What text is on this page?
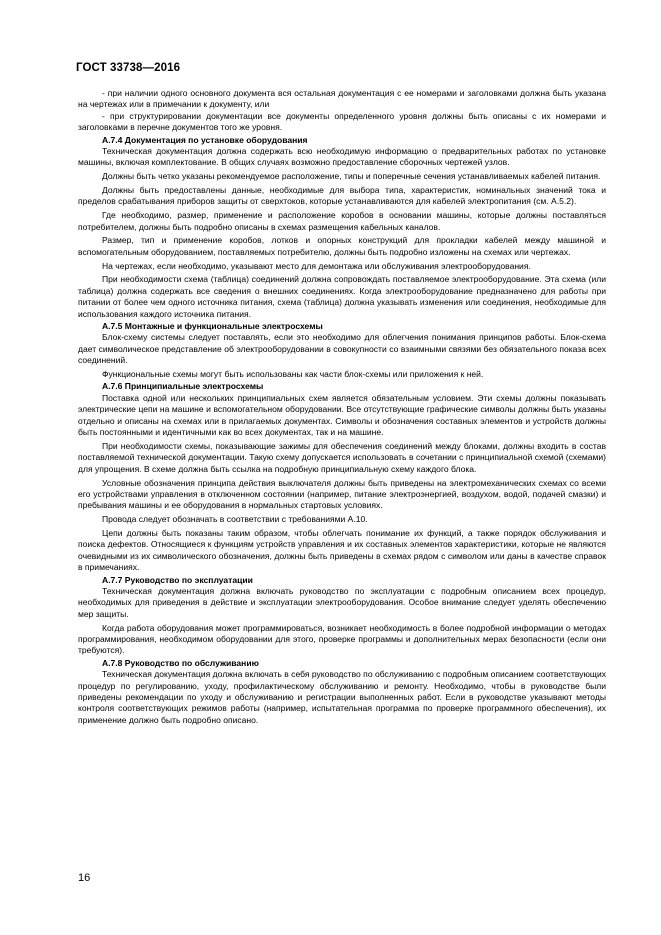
ГОСТ 33738—2016

- при наличии одного основного документа вся остальная документация с ее номерами и заголовками должна быть указана на чертежах или в примечании к документу, или

- при структурировании документации все документы определенного уровня должны быть описаны с их номерами и заголовками в перечне документов того же уровня.

А.7.4 Документация по установке оборудования

Техническая документация должна содержать всю необходимую информацию о предварительных работах по установке машины, включая комплектование. В общих случаях возможно предоставление сборочных чертежей узлов.

Должны быть четко указаны рекомендуемое расположение, типы и поперечные сечения устанавливаемых кабелей питания.

Должны быть предоставлены данные, необходимые для выбора типа, характеристик, номинальных значений тока и пределов срабатывания приборов защиты от сверхтоков, которые устанавливаются для кабелей электропитания (см. А.5.2).

Где необходимо, размер, применение и расположение коробов в основании машины, которые должны поставляться потребителем, должны быть подробно описаны в схемах размещения кабельных каналов.

Размер, тип и применение коробов, лотков и опорных конструкций для прокладки кабелей между машиной и вспомогательным оборудованием, поставляемых потребителю, должны быть подробно изложены на схемах или чертежах.

На чертежах, если необходимо, указывают место для демонтажа или обслуживания электрооборудования.

При необходимости схема (таблица) соединений должна сопровождать поставляемое электрооборудование. Эта схема (или таблица) должна содержать все сведения о внешних соединениях. Когда электрооборудование предназначено для работы при питании от более чем одного источника питания, схема (таблица) должна указывать изменения или соединения, необходимые для использования каждого источника питания.

А.7.5 Монтажные и функциональные электросхемы

Блок-схему системы следует поставлять, если это необходимо для облегчения понимания принципов работы. Блок-схема дает символическое представление об электрооборудовании в совокупности со взаимными связями без обязательного показа всех соединений.

Функциональные схемы могут быть использованы как части блок-схемы или приложения к ней.

А.7.6 Принципиальные электросхемы

Поставка одной или нескольких принципиальных схем является обязательным условием. Эти схемы должны показывать электрические цепи на машине и вспомогательном оборудовании. Все отсутствующие графические символы должны быть указаны отдельно и описаны на схемах или в прилагаемых документах. Символы и обозначения составных элементов и устройств должны быть постоянными и идентичными как во всех документах, так и на машине.

При необходимости схемы, показывающие зажимы для обеспечения соединений между блоками, должны входить в состав поставляемой технической документации. Такую схему допускается использовать в сочетании с принципиальной схемой (схемами) для упрощения. В схеме должна быть ссылка на подробную принципиальную схему каждого блока.

Условные обозначения принципа действия выключателя должны быть приведены на электромеханических схемах со всеми его устройствами управления в отключенном состоянии (например, питание электроэнергией, воздухом, водой, подачей смазки) и пребывания машины и ее оборудования в нормальных стартовых условиях.

Провода следует обозначать в соответствии с требованиями А.10.

Цепи должны быть показаны таким образом, чтобы облегчать понимание их функций, а также порядок обслуживания и поиска дефектов. Относящиеся к функциям устройств управления и их составных элементов характеристики, которые не являются очевидными из их символического обозначения, должны быть приведены в схемах рядом с символом или даны в качестве справок в примечаниях.

А.7.7 Руководство по эксплуатации

Техническая документация должна включать руководство по эксплуатации с подробным описанием всех процедур, необходимых для приведения в действие и эксплуатации электрооборудования. Особое внимание следует уделять обеспечению мер защиты.

Когда работа оборудования может программироваться, возникает необходимость в более подробной информации о методах программирования, необходимом оборудовании для этого, проверке программы и дополнительных мерах безопасности (если они требуются).

А.7.8 Руководство по обслуживанию

Техническая документация должна включать в себя руководство по обслуживанию с подробным описанием соответствующих процедур по регулированию, уходу, профилактическому обслуживанию и ремонту. Необходимо, чтобы в руководстве были приведены рекомендации по уходу и обслуживанию и регистрации выполненных работ. Если в руководстве указывают методы контроля соответствующих режимов работы (например, испытательная программа по проверке программного обеспечения), их применение должно быть подробно описано.

16
